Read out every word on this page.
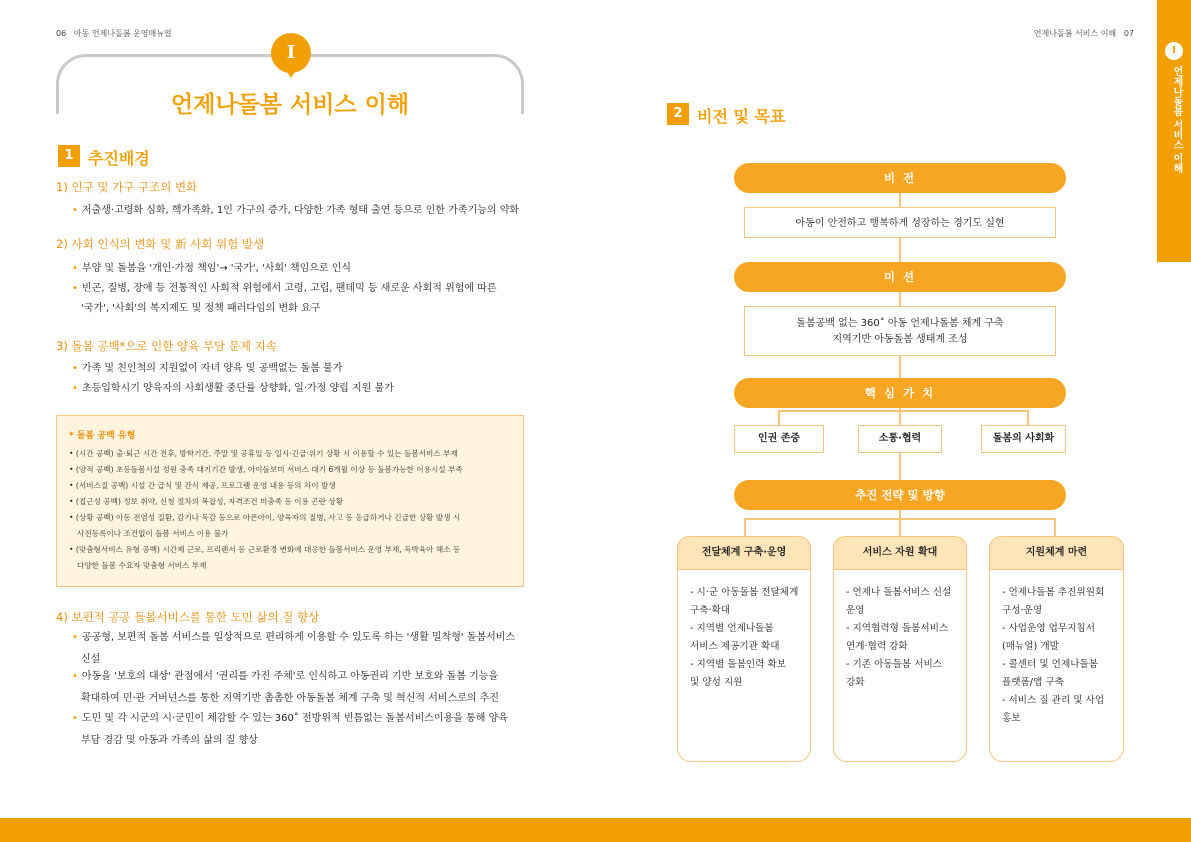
06 아동 언제나돌봄 운영매뉴얼	언제나돌봄 서비스 이해 07
I
언제나돌봄 서비스 이해
1 추진배경
1) 인구 및 가구 구조의 변화
• 저출생·고령화 심화, 핵가족화, 1인 가구의 증가, 다양한 가족 형태 출연 등으로 인한 가족기능의 약화
2) 사회 인식의 변화 및 新 사회 위험 발생
• 부양 및 돌봄을 '개인·가정 책임'→ '국가', '사회' 책임으로 인식
• 빈곤, 질병, 장애 등 전통적인 사회적 위험에서 고령, 고립, 팬데믹 등 새로운 사회적 위험에 따른
'국가', '사회'의 복지제도 및 정책 패러다임의 변화 요구
3) 돌봄 공백*으로 인한 양육 부담 문제 지속
• 가족 및 친인척의 지원없이 자녀 양육 및 공백없는 돌봄 불가
• 초등입학시기 양육자의 사회생활 중단률 상향화, 일·가정 양립 지원 불가
* 돌봄 공백 유형
• (시간 공백) 출·퇴근 시간 전후, 방학기간, 주말 및 공휴일 등 일시·긴급·위기 상황 시 이용할 수 있는 돌봄서비스 부재
• (양적 공백) 초등돌봄시설 정원 충족 대기기간 발생, 아이돌보미 서비스 대기 6개월 이상 등 돌봄가능한 이용시설 부족
• (서비스질 공백) 시설 간 급식 및 간식 제공, 프로그램 운영 내용 등의 차이 발생
• (접근성 공백) 정보 취약, 신청 절차의 복잡성, 자격조건 미충족 등 이용 곤란 상황
• (상황 공백) 아동 전염성 질환, 감기나 독감 등으로 아픈아이, 양육자의 질병, 사고 등 응급하거나 긴급한 상황 발생 시
사전등록이나 조건없이 돌봄 서비스 이용 불가
• (맞춤형서비스 유형 공백) 시간제 근로, 프리랜서 등 근로환경 변화에 대응한 돌봄서비스 운영 부재, 독박육아 해소 등
다양한 돌봄 수요자 맞춤형 서비스 부재
4) 보편적 공공 돌봄서비스를 통한 도민 삶의 질 향상
• 공공형, 보편적 돌봄 서비스를 일상적으로 편리하게 이용할 수 있도록 하는 '생활 밀착형' 돌봄서비스
신설
• 아동을 '보호의 대상' 관점에서 '권리를 가진 주체'로 인식하고 아동권리 기반 보호와 돌봄 기능을
확대하여 민·관 거버넌스를 통한 지역기반 촘촘한 아동돌봄 체계 구축 및 혁신적 서비스로의 추진
• 도민 및 각 시군의 시·군민이 체감할 수 있는 360˚ 전방위적 빈틈없는 돌봄서비스이용을 통해 양육
부담 경감 및 아동과 가족의 삶의 질 향상
2 비전 및 목표
비 전
아동이 안전하고 행복하게 성장하는 경기도 실현
미 션
돌봄공백 없는 360˚ 아동 언제나돌봄 체계 구축
지역기반 아동돌봄 생태계 조성
핵 심 가 치
인권 존중	소통·협력	돌봄의 사회화
추진 전략 및 방향
전달체계 구축·운영
- 시·군 아동돌봄 전달체계
구축·확대
- 지역별 언제나돌봄
서비스 제공기관 확대
- 지역별 돌봄인력 확보
및 양성 지원
서비스 자원 확대
- 언제나 돌봄서비스 신설
운영
- 지역협력형 돌봄서비스
연계·협력 강화
- 기존 아동돌봄 서비스
강화
지원체계 마련
- 언제나돌봄 추진위원회
구성·운영
- 사업운영 업무지침서
(매뉴얼) 개발
- 콜센터 및 언제나돌봄
플랫폼/앱 구축
- 서비스 질 관리 및 사업
홍보
I
언제나돌봄 서비스 이해
